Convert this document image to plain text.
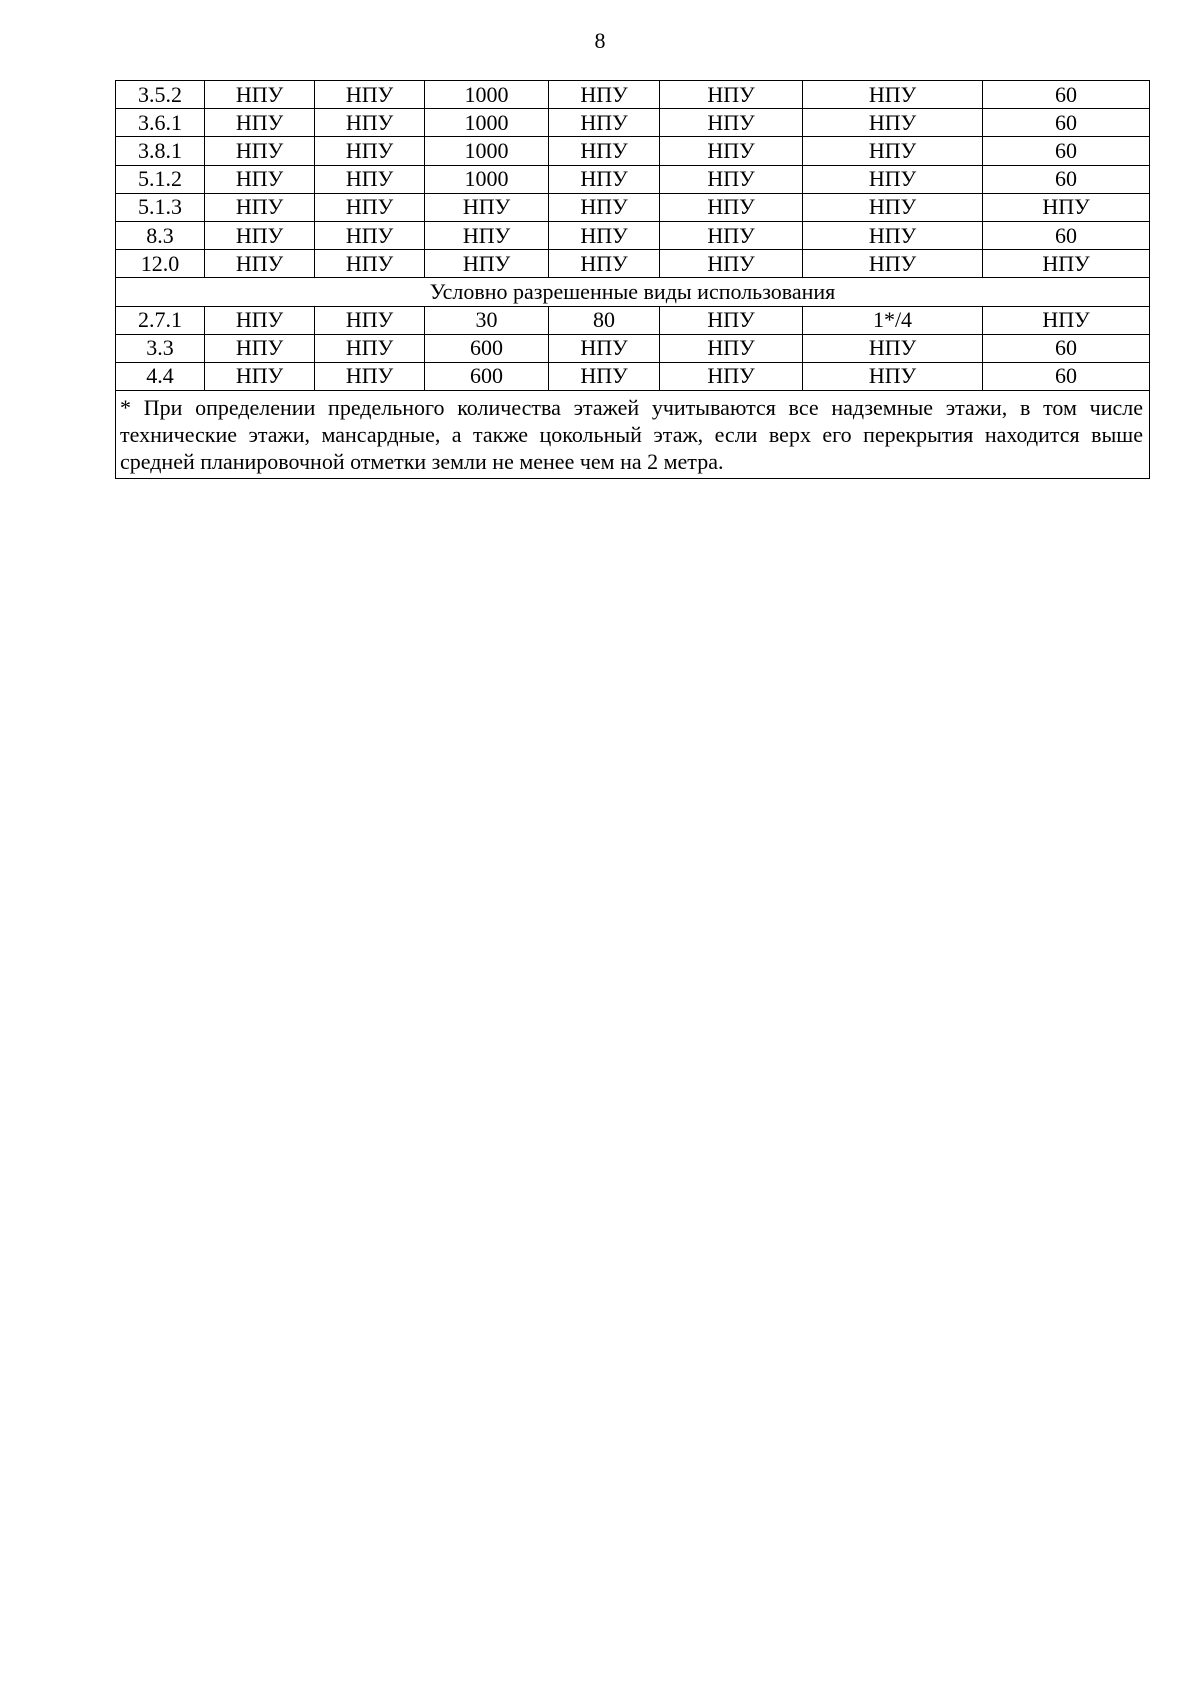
8
3.5.2	НПУ	НПУ	1000	НПУ	НПУ	НПУ	60
3.6.1	НПУ	НПУ	1000	НПУ	НПУ	НПУ	60
3.8.1	НПУ	НПУ	1000	НПУ	НПУ	НПУ	60
5.1.2	НПУ	НПУ	1000	НПУ	НПУ	НПУ	60
5.1.3	НПУ	НПУ	НПУ	НПУ	НПУ	НПУ	НПУ
8.3	НПУ	НПУ	НПУ	НПУ	НПУ	НПУ	60
12.0	НПУ	НПУ	НПУ	НПУ	НПУ	НПУ	НПУ
Условно разрешенные виды использования							
2.7.1	НПУ	НПУ	30	80	НПУ	1*/4	НПУ
3.3	НПУ	НПУ	600	НПУ	НПУ	НПУ	60
4.4	НПУ	НПУ	600	НПУ	НПУ	НПУ	60
* При определении предельного количества этажей учитываются все надземные этажи, в том числе технические этажи, мансардные, а также цокольный этаж, если верх его перекрытия находится выше средней планировочной отметки земли не менее чем на 2 метра.							
